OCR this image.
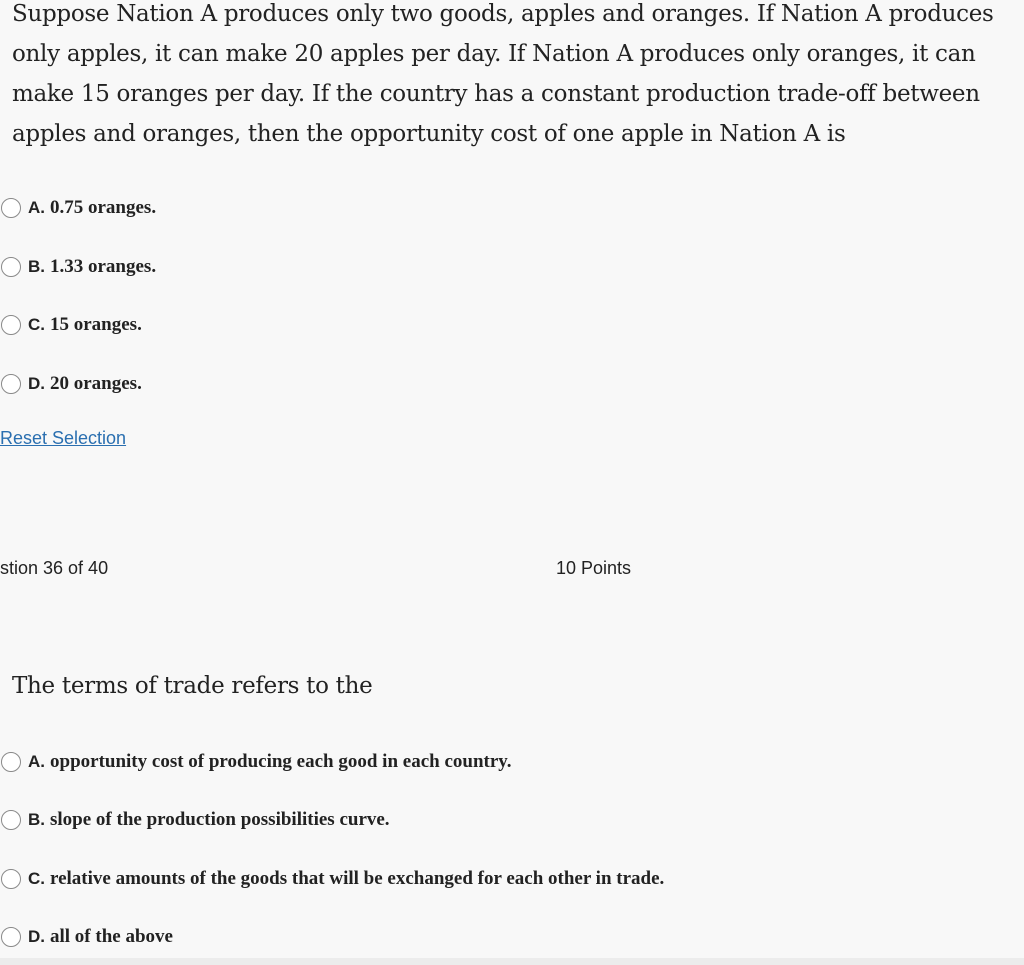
Suppose Nation A produces only two goods, apples and oranges. If Nation A produces only apples, it can make 20 apples per day. If Nation A produces only oranges, it can make 15 oranges per day. If the country has a constant production trade-off between apples and oranges, then the opportunity cost of one apple in Nation A is
A. 0.75 oranges.
B. 1.33 oranges.
C. 15 oranges.
D. 20 oranges.
Reset Selection
stion 36 of 40	10 Points
The terms of trade refers to the
A. opportunity cost of producing each good in each country.
B. slope of the production possibilities curve.
C. relative amounts of the goods that will be exchanged for each other in trade.
D. all of the above
